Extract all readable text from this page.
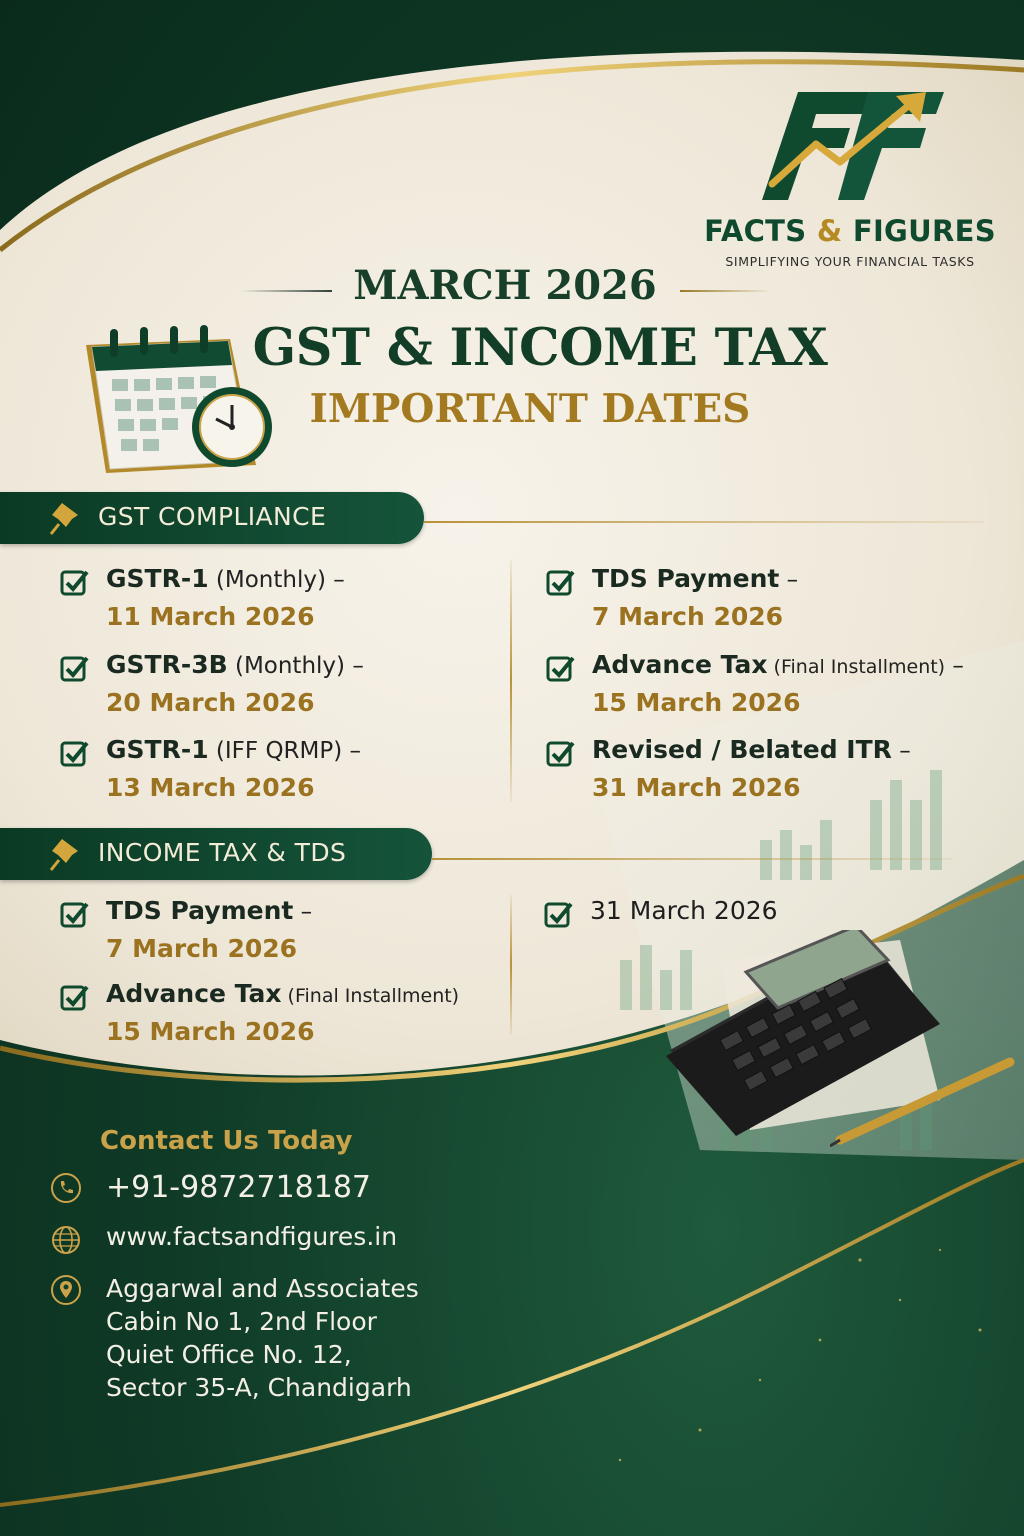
FACTS & FIGURES
SIMPLIFYING YOUR FINANCIAL TASKS
MARCH 2026
GST & INCOME TAX
IMPORTANT DATES
GST COMPLIANCE
GSTR-1 (Monthly) –
11 March 2026
GSTR-3B (Monthly) –
20 March 2026
GSTR-1 (IFF QRMP) –
13 March 2026
TDS Payment –
7 March 2026
Advance Tax (Final Installment) –
15 March 2026
Revised / Belated ITR –
31 March 2026
INCOME TAX & TDS
TDS Payment –
7 March 2026
Advance Tax (Final Installment)
15 March 2026
31 March 2026
Contact Us Today
+91-9872718187
www.factsandfigures.in
Aggarwal and Associates
Cabin No 1, 2nd Floor
Quiet Office No. 12,
Sector 35-A, Chandigarh
